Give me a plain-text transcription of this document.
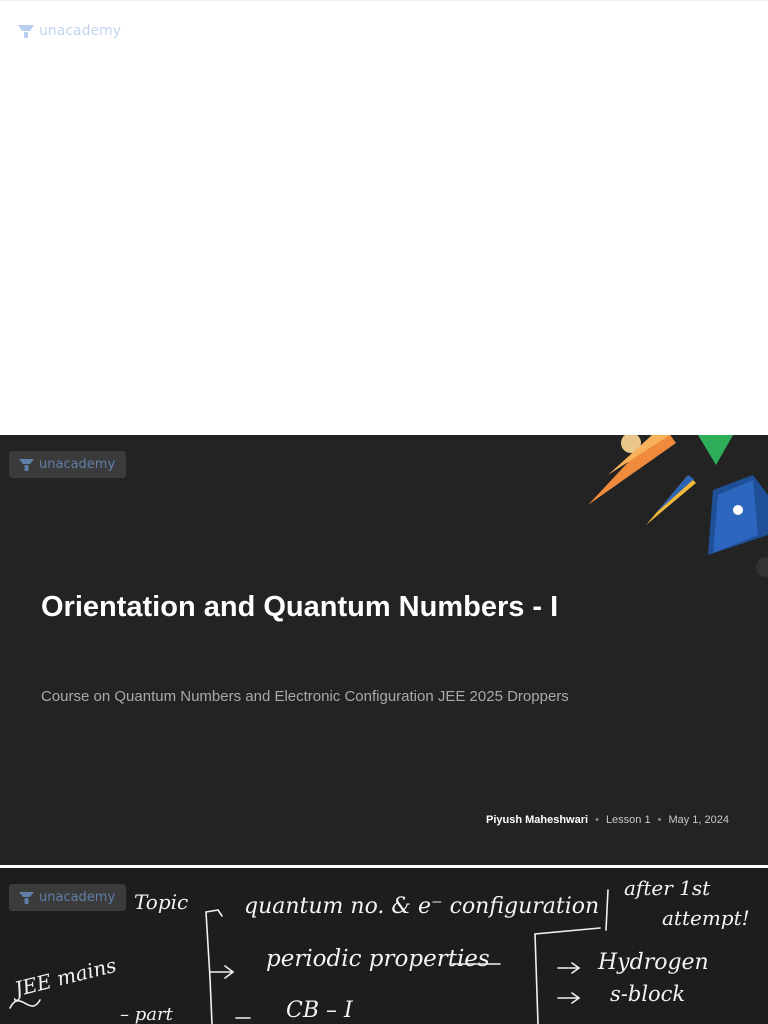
unacademy
unacademy
Orientation and Quantum Numbers - I
Course on Quantum Numbers and Electronic Configuration JEE 2025 Droppers
Piyush Maheshwari • Lesson 1 • May 1, 2024
unacademy Topic	quantum no. & e⁻ configuration
periodic properties
CB – I
after 1st
attempt!
Hydrogen
s-block
JEE mains
– part
